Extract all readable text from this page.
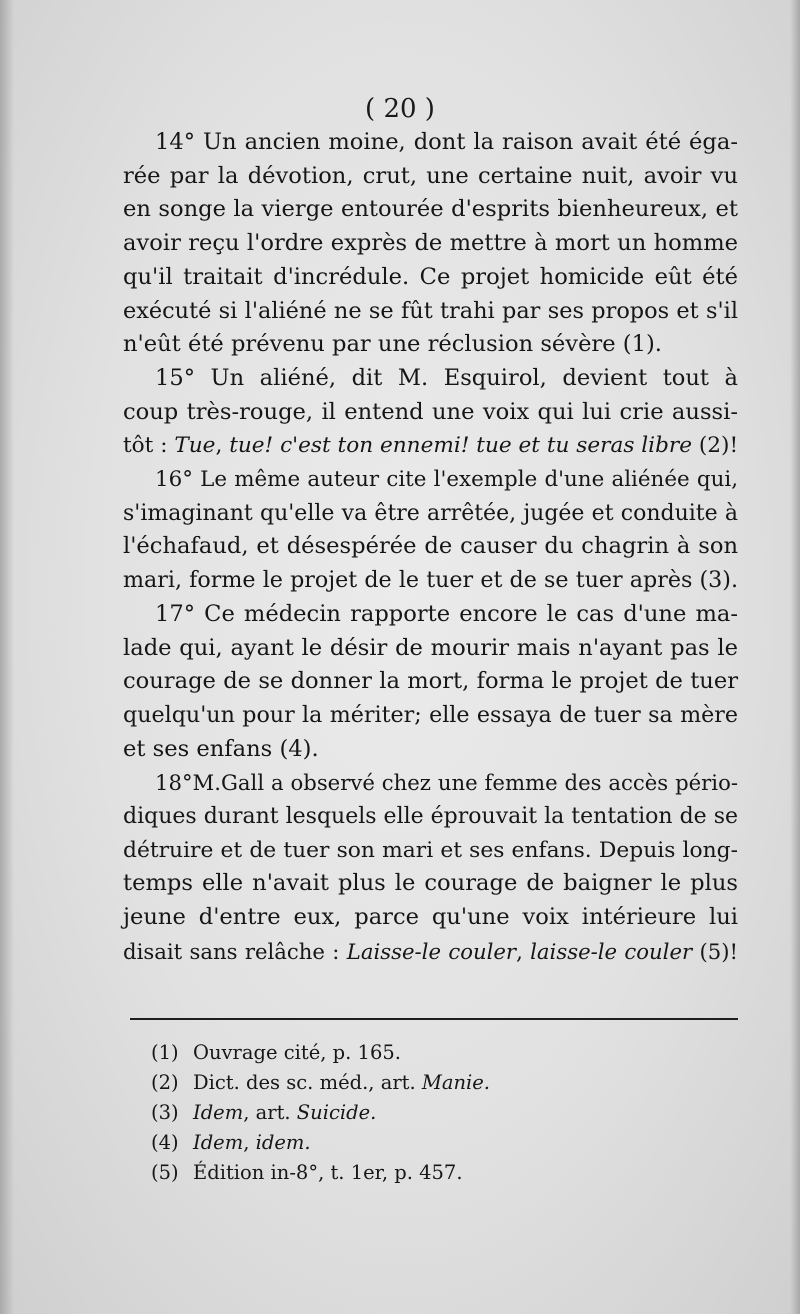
( 20 )
14° Un ancien moine, dont la raison avait été éga-
rée par la dévotion, crut, une certaine nuit, avoir vu
en songe la vierge entourée d'esprits bienheureux, et
avoir reçu l'ordre exprès de mettre à mort un homme
qu'il traitait d'incrédule. Ce projet homicide eût été
exécuté si l'aliéné ne se fût trahi par ses propos et s'il
n'eût été prévenu par une réclusion sévère (1).
15° Un aliéné, dit M. Esquirol, devient tout à
coup très-rouge, il entend une voix qui lui crie aussi-
tôt : Tue, tue! c'est ton ennemi! tue et tu seras libre (2)!
16° Le même auteur cite l'exemple d'une aliénée qui,
s'imaginant qu'elle va être arrêtée, jugée et conduite à
l'échafaud, et désespérée de causer du chagrin à son
mari, forme le projet de le tuer et de se tuer après (3).
17° Ce médecin rapporte encore le cas d'une ma-
lade qui, ayant le désir de mourir mais n'ayant pas le
courage de se donner la mort, forma le projet de tuer
quelqu'un pour la mériter; elle essaya de tuer sa mère
et ses enfans (4).
18°M.Gall a observé chez une femme des accès pério-
diques durant lesquels elle éprouvait la tentation de se
détruire et de tuer son mari et ses enfans. Depuis long-
temps elle n'avait plus le courage de baigner le plus
jeune d'entre eux, parce qu'une voix intérieure lui
disait sans relâche : Laisse-le couler, laisse-le couler (5)!
(1) Ouvrage cité, p. 165.
(2) Dict. des sc. méd., art. Manie.
(3) Idem, art. Suicide.
(4) Idem, idem.
(5) Édition in-8°, t. 1er, p. 457.
